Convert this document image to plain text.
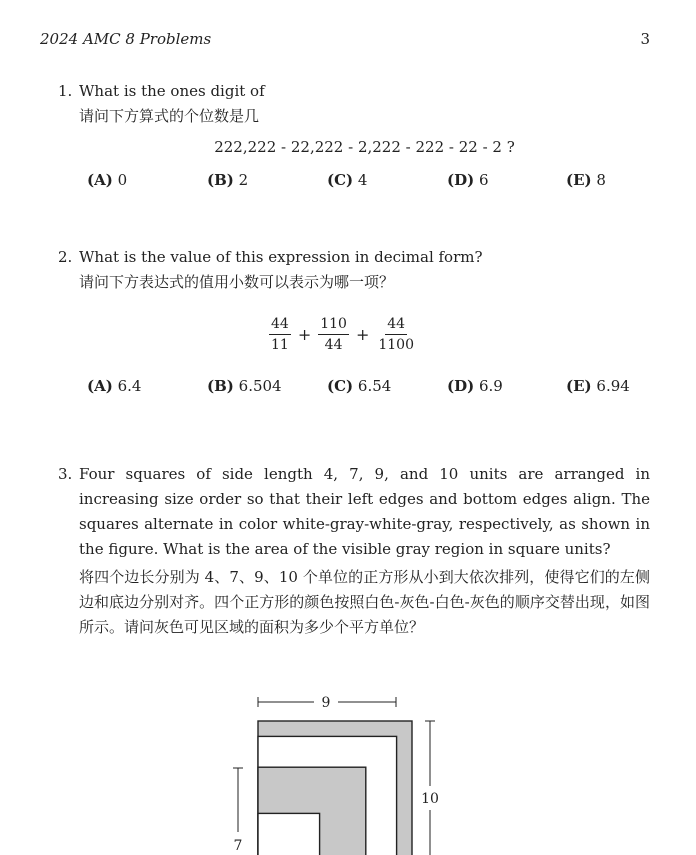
2024 AMC 8 Problems	3
1. What is the ones digit of
请问下方算式的个位数是几
222,222 - 22,222 - 2,222 - 222 - 22 - 2 ?
(A) 0	(B) 2	(C) 4	(D) 6	(E) 8
2. What is the value of this expression in decimal form?
请问下方表达式的值用小数可以表示为哪一项？
$\frac{44}{11} + \frac{110}{44} + \frac{44}{1100}$
(A) 6.4	(B) 6.504	(C) 6.54	(D) 6.9	(E) 6.94
3. Four squares of side length 4, 7, 9, and 10 units are arranged in increasing size order so that their left edges and bottom edges align. The squares alternate in color white-gray-white-gray, respectively, as shown in the figure. What is the area of the visible gray region in square units?
将四个边长分别为 4、7、9、10 个单位的正方形从小到大依次排列，使得它们的左侧边和底边分别对齐。四个正方形的颜色按照白色-灰色-白色-灰色的顺序交替出现，如图所示。请问灰色可见区域的面积为多少个平方单位？
9
10
7
